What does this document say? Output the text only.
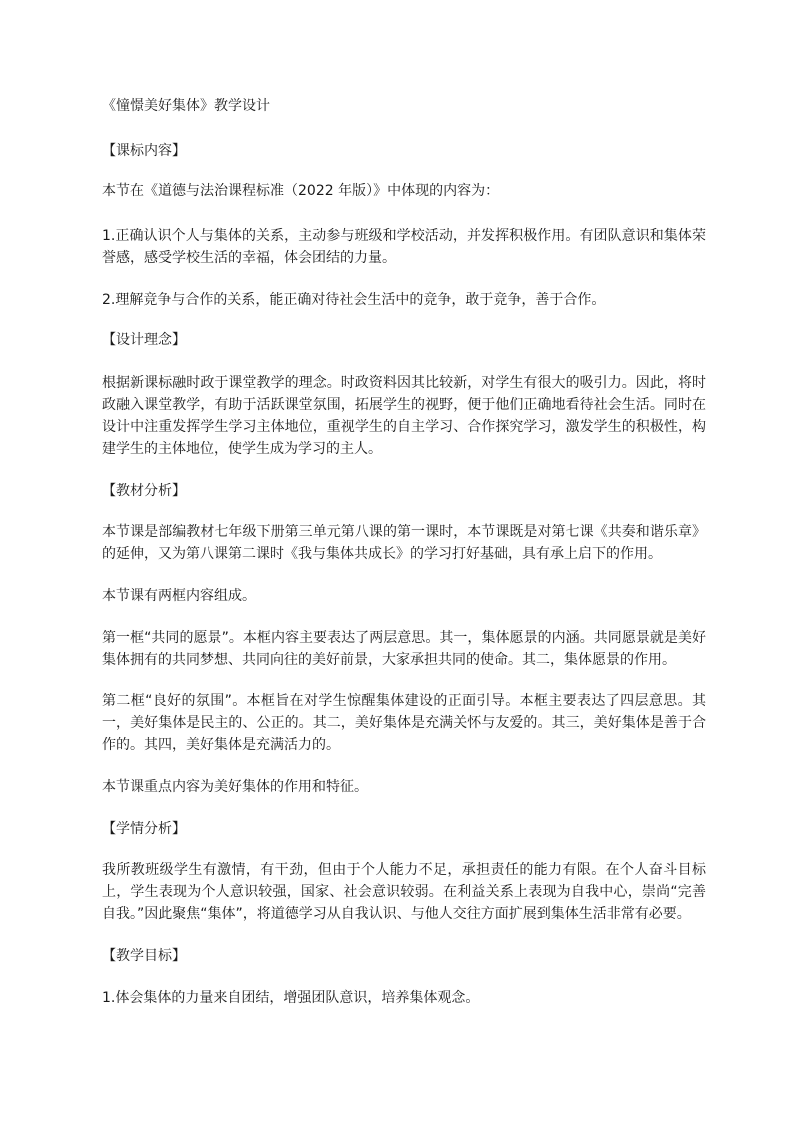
《憧憬美好集体》教学设计

【课标内容】

本节在《道德与法治课程标准（2022 年版）》中体现的内容为：

1.正确认识个人与集体的关系，主动参与班级和学校活动，并发挥积极作用。有团队意识和集体荣誉感，感受学校生活的幸福，体会团结的力量。

2.理解竞争与合作的关系，能正确对待社会生活中的竞争，敢于竞争，善于合作。

【设计理念】

根据新课标融时政于课堂教学的理念。时政资料因其比较新，对学生有很大的吸引力。因此，将时政融入课堂教学，有助于活跃课堂氛围，拓展学生的视野，便于他们正确地看待社会生活。同时在设计中注重发挥学生学习主体地位，重视学生的自主学习、合作探究学习，激发学生的积极性，构建学生的主体地位，使学生成为学习的主人。

【教材分析】

本节课是部编教材七年级下册第三单元第八课的第一课时，本节课既是对第七课《共奏和谐乐章》的延伸，又为第八课第二课时《我与集体共成长》的学习打好基础，具有承上启下的作用。

本节课有两框内容组成。

第一框“共同的愿景”。本框内容主要表达了两层意思。其一，集体愿景的内涵。共同愿景就是美好集体拥有的共同梦想、共同向往的美好前景，大家承担共同的使命。其二，集体愿景的作用。

第二框“良好的氛围”。本框旨在对学生惊醒集体建设的正面引导。本框主要表达了四层意思。其一，美好集体是民主的、公正的。其二，美好集体是充满关怀与友爱的。其三，美好集体是善于合作的。其四，美好集体是充满活力的。

本节课重点内容为美好集体的作用和特征。

【学情分析】

我所教班级学生有激情，有干劲，但由于个人能力不足，承担责任的能力有限。在个人奋斗目标上，学生表现为个人意识较强，国家、社会意识较弱。在利益关系上表现为自我中心，崇尚“完善自我。”因此聚焦“集体”，将道德学习从自我认识、与他人交往方面扩展到集体生活非常有必要。

【教学目标】

1.体会集体的力量来自团结，增强团队意识，培养集体观念。
